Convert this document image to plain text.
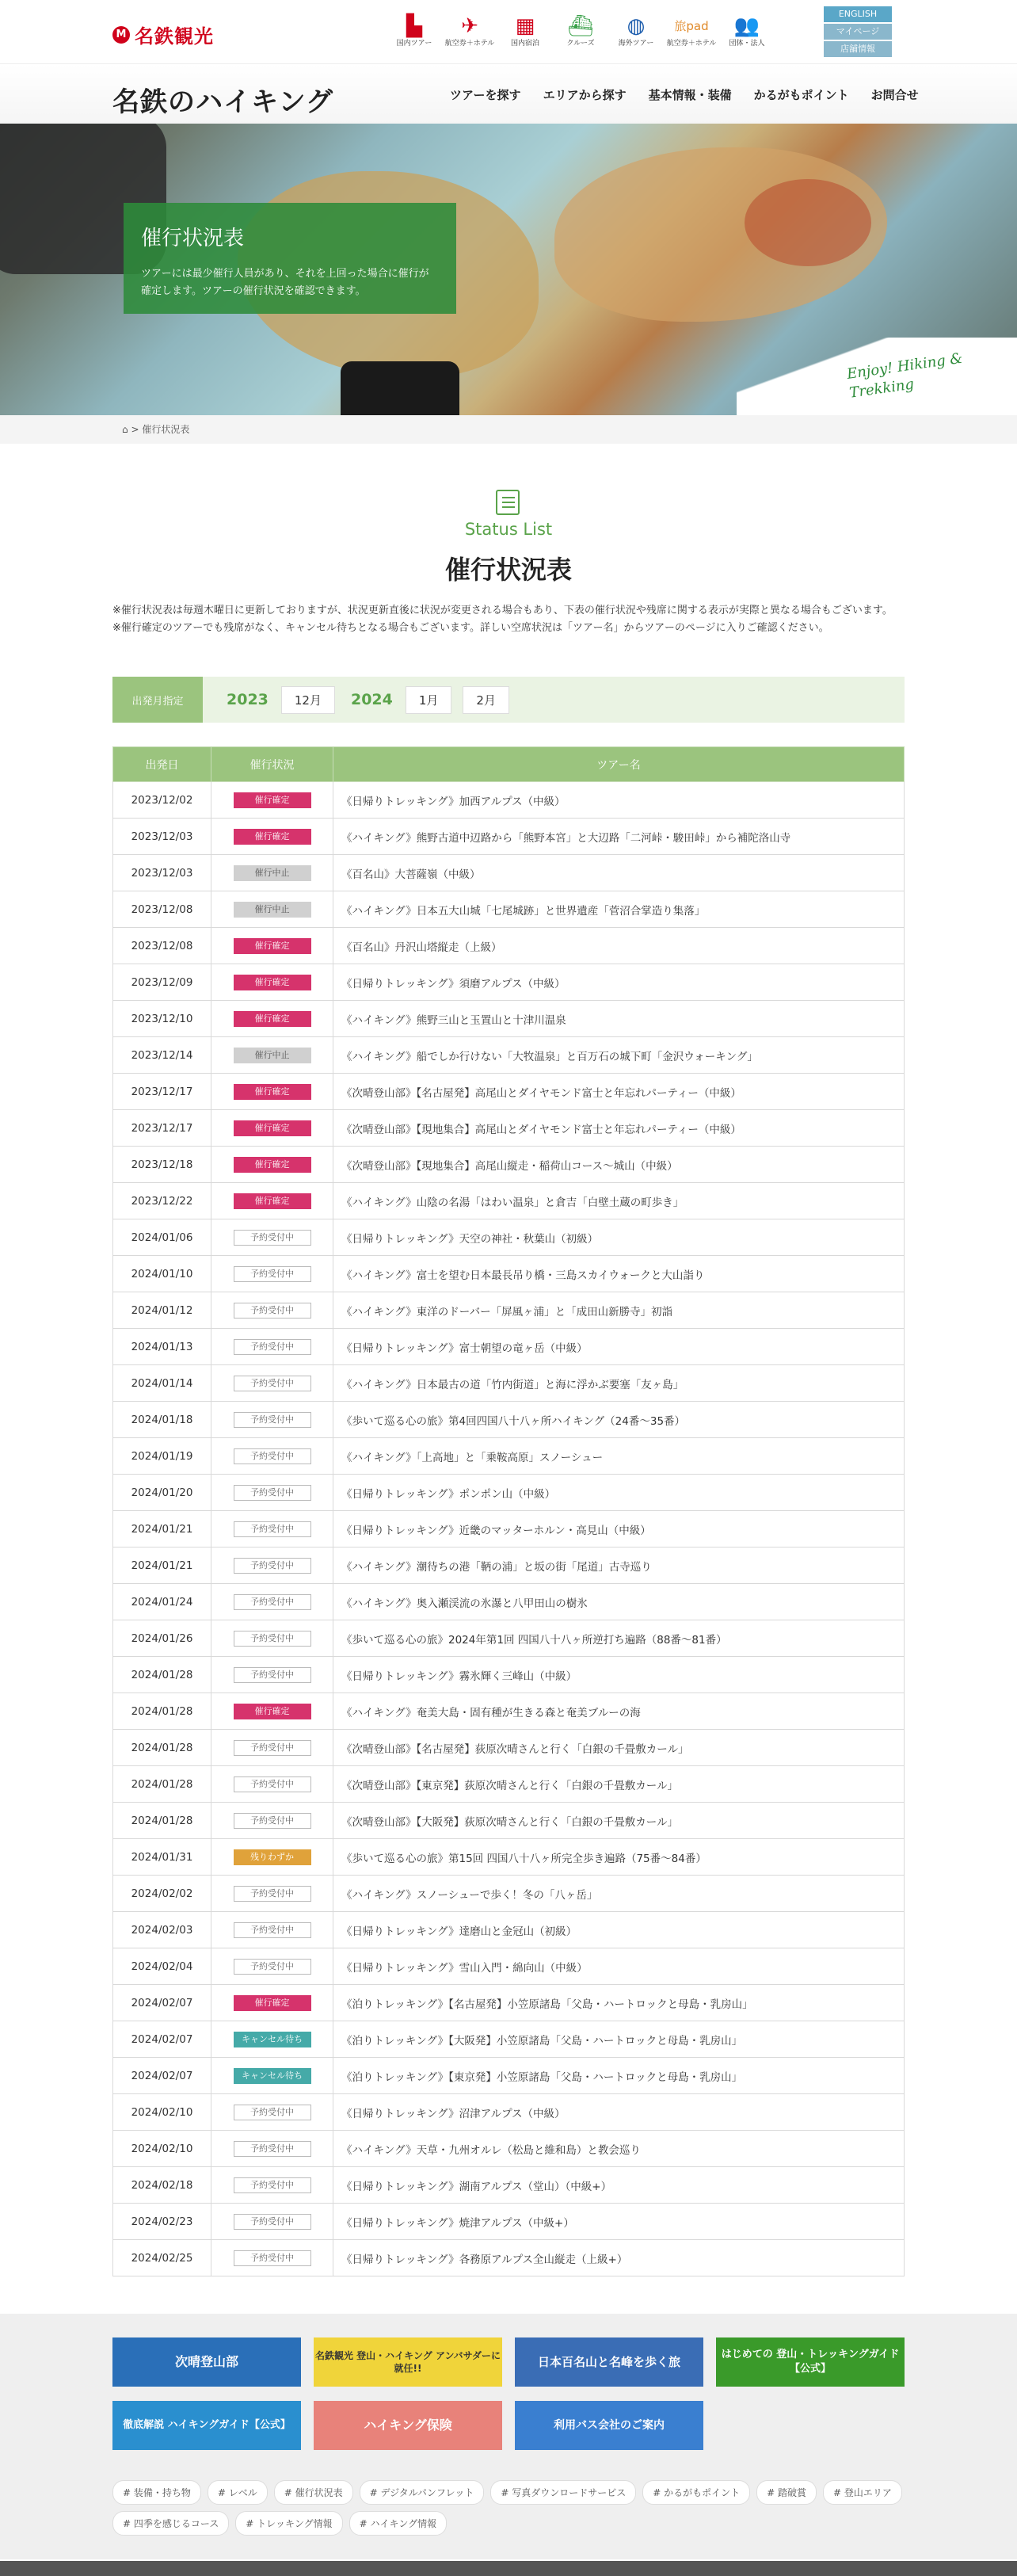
M 名鉄観光	▙
国内ツアー
✈
航空券＋ホテル
▦
国内宿泊
⛴
クルーズ
◍
海外ツアー
旅pad
航空券＋ホテル
👥
団体・法人
ENGLISH
マイページ
店舗情報
名鉄のハイキング	ツアーを探す エリアから探す 基本情報・装備 かるがもポイント お問合せ
催行状況表

ツアーには最少催行人員があり、それを上回った場合に催行が確定します。ツアーの催行状況を確認できます。

Enjoy! Hiking & Trekking
⌂ > 催行状況表
Status List
催行状況表

※催行状況表は毎週木曜日に更新しておりますが、状況更新直後に状況が変更される場合もあり、下表の催行状況や残席に関する表示が実際と異なる場合もございます。

※催行確定のツアーでも残席がなく、キャンセル待ちとなる場合もございます。詳しい空席状況は「ツアー名」からツアーのページに入りご確認ください。

出発月指定	2023	12月	2024	1月	2月
出発日	催行状況	ツアー名
2023/12/02	催行確定	《日帰りトレッキング》加西アルプス（中級）
2023/12/03	催行確定	《ハイキング》熊野古道中辺路から「熊野本宮」と大辺路「二河峠・駿田峠」から補陀洛山寺
2023/12/03	催行中止	《百名山》大菩薩嶺（中級）
2023/12/08	催行中止	《ハイキング》日本五大山城「七尾城跡」と世界遺産「菅沼合掌造り集落」
2023/12/08	催行確定	《百名山》丹沢山塔縦走（上級）
2023/12/09	催行確定	《日帰りトレッキング》須磨アルプス（中級）
2023/12/10	催行確定	《ハイキング》熊野三山と玉置山と十津川温泉
2023/12/14	催行中止	《ハイキング》船でしか行けない「大牧温泉」と百万石の城下町「金沢ウォーキング」
2023/12/17	催行確定	《次晴登山部》【名古屋発】高尾山とダイヤモンド富士と年忘れパーティー（中級）
2023/12/17	催行確定	《次晴登山部》【現地集合】高尾山とダイヤモンド富士と年忘れパーティー（中級）
2023/12/18	催行確定	《次晴登山部》【現地集合】高尾山縦走・稲荷山コース〜城山（中級）
2023/12/22	催行確定	《ハイキング》山陰の名湯「はわい温泉」と倉吉「白壁土蔵の町歩き」
2024/01/06	予約受付中	《日帰りトレッキング》天空の神社・秋葉山（初級）
2024/01/10	予約受付中	《ハイキング》富士を望む日本最長吊り橋・三島スカイウォークと大山詣り
2024/01/12	予約受付中	《ハイキング》東洋のドーバー「屏風ヶ浦」と「成田山新勝寺」初詣
2024/01/13	予約受付中	《日帰りトレッキング》富士朝望の竜ヶ岳（中級）
2024/01/14	予約受付中	《ハイキング》日本最古の道「竹内街道」と海に浮かぶ要塞「友ヶ島」
2024/01/18	予約受付中	《歩いて巡る心の旅》第4回四国八十八ヶ所ハイキング（24番〜35番）
2024/01/19	予約受付中	《ハイキング》「上高地」と「乗鞍高原」スノーシュー
2024/01/20	予約受付中	《日帰りトレッキング》ポンポン山（中級）
2024/01/21	予約受付中	《日帰りトレッキング》近畿のマッターホルン・高見山（中級）
2024/01/21	予約受付中	《ハイキング》潮待ちの港「鞆の浦」と坂の街「尾道」古寺巡り
2024/01/24	予約受付中	《ハイキング》奥入瀬渓流の氷瀑と八甲田山の樹氷
2024/01/26	予約受付中	《歩いて巡る心の旅》2024年第1回 四国八十八ヶ所逆打ち遍路（88番〜81番）
2024/01/28	予約受付中	《日帰りトレッキング》霧氷輝く三峰山（中級）
2024/01/28	催行確定	《ハイキング》奄美大島・固有種が生きる森と奄美ブルーの海
2024/01/28	予約受付中	《次晴登山部》【名古屋発】荻原次晴さんと行く「白銀の千畳敷カール」
2024/01/28	予約受付中	《次晴登山部》【東京発】荻原次晴さんと行く「白銀の千畳敷カール」
2024/01/28	予約受付中	《次晴登山部》【大阪発】荻原次晴さんと行く「白銀の千畳敷カール」
2024/01/31	残りわずか	《歩いて巡る心の旅》第15回 四国八十八ヶ所完全歩き遍路（75番〜84番）
2024/02/02	予約受付中	《ハイキング》スノーシューで歩く！冬の「八ヶ岳」
2024/02/03	予約受付中	《日帰りトレッキング》達磨山と金冠山（初級）
2024/02/04	予約受付中	《日帰りトレッキング》雪山入門・綿向山（中級）
2024/02/07	催行確定	《泊りトレッキング》【名古屋発】小笠原諸島「父島・ハートロックと母島・乳房山」
2024/02/07	キャンセル待ち	《泊りトレッキング》【大阪発】小笠原諸島「父島・ハートロックと母島・乳房山」
2024/02/07	キャンセル待ち	《泊りトレッキング》【東京発】小笠原諸島「父島・ハートロックと母島・乳房山」
2024/02/10	予約受付中	《日帰りトレッキング》沼津アルプス（中級）
2024/02/10	予約受付中	《ハイキング》天草・九州オルレ（松島と維和島）と教会巡り
2024/02/18	予約受付中	《日帰りトレッキング》湖南アルプス（堂山）（中級+）
2024/02/23	予約受付中	《日帰りトレッキング》焼津アルプス（中級+）
2024/02/25	予約受付中	《日帰りトレッキング》各務原アルプス全山縦走（上級+）
次晴登山部	名鉄観光 登山・ハイキング アンバサダーに就任!!	日本百名山と名峰を歩く旅
はじめての 登山・トレッキングガイド【公式】
徹底解説 ハイキングガイド【公式】	ハイキング保険	利用バス会社のご案内
# 装備・持ち物	# レベル	# 催行状況表	# デジタルパンフレット	# 写真ダウンロードサービス	# かるがもポイント	# 踏破賞	# 登山エリア
# 四季を感じるコース	# トレッキング情報	# ハイキング情報
